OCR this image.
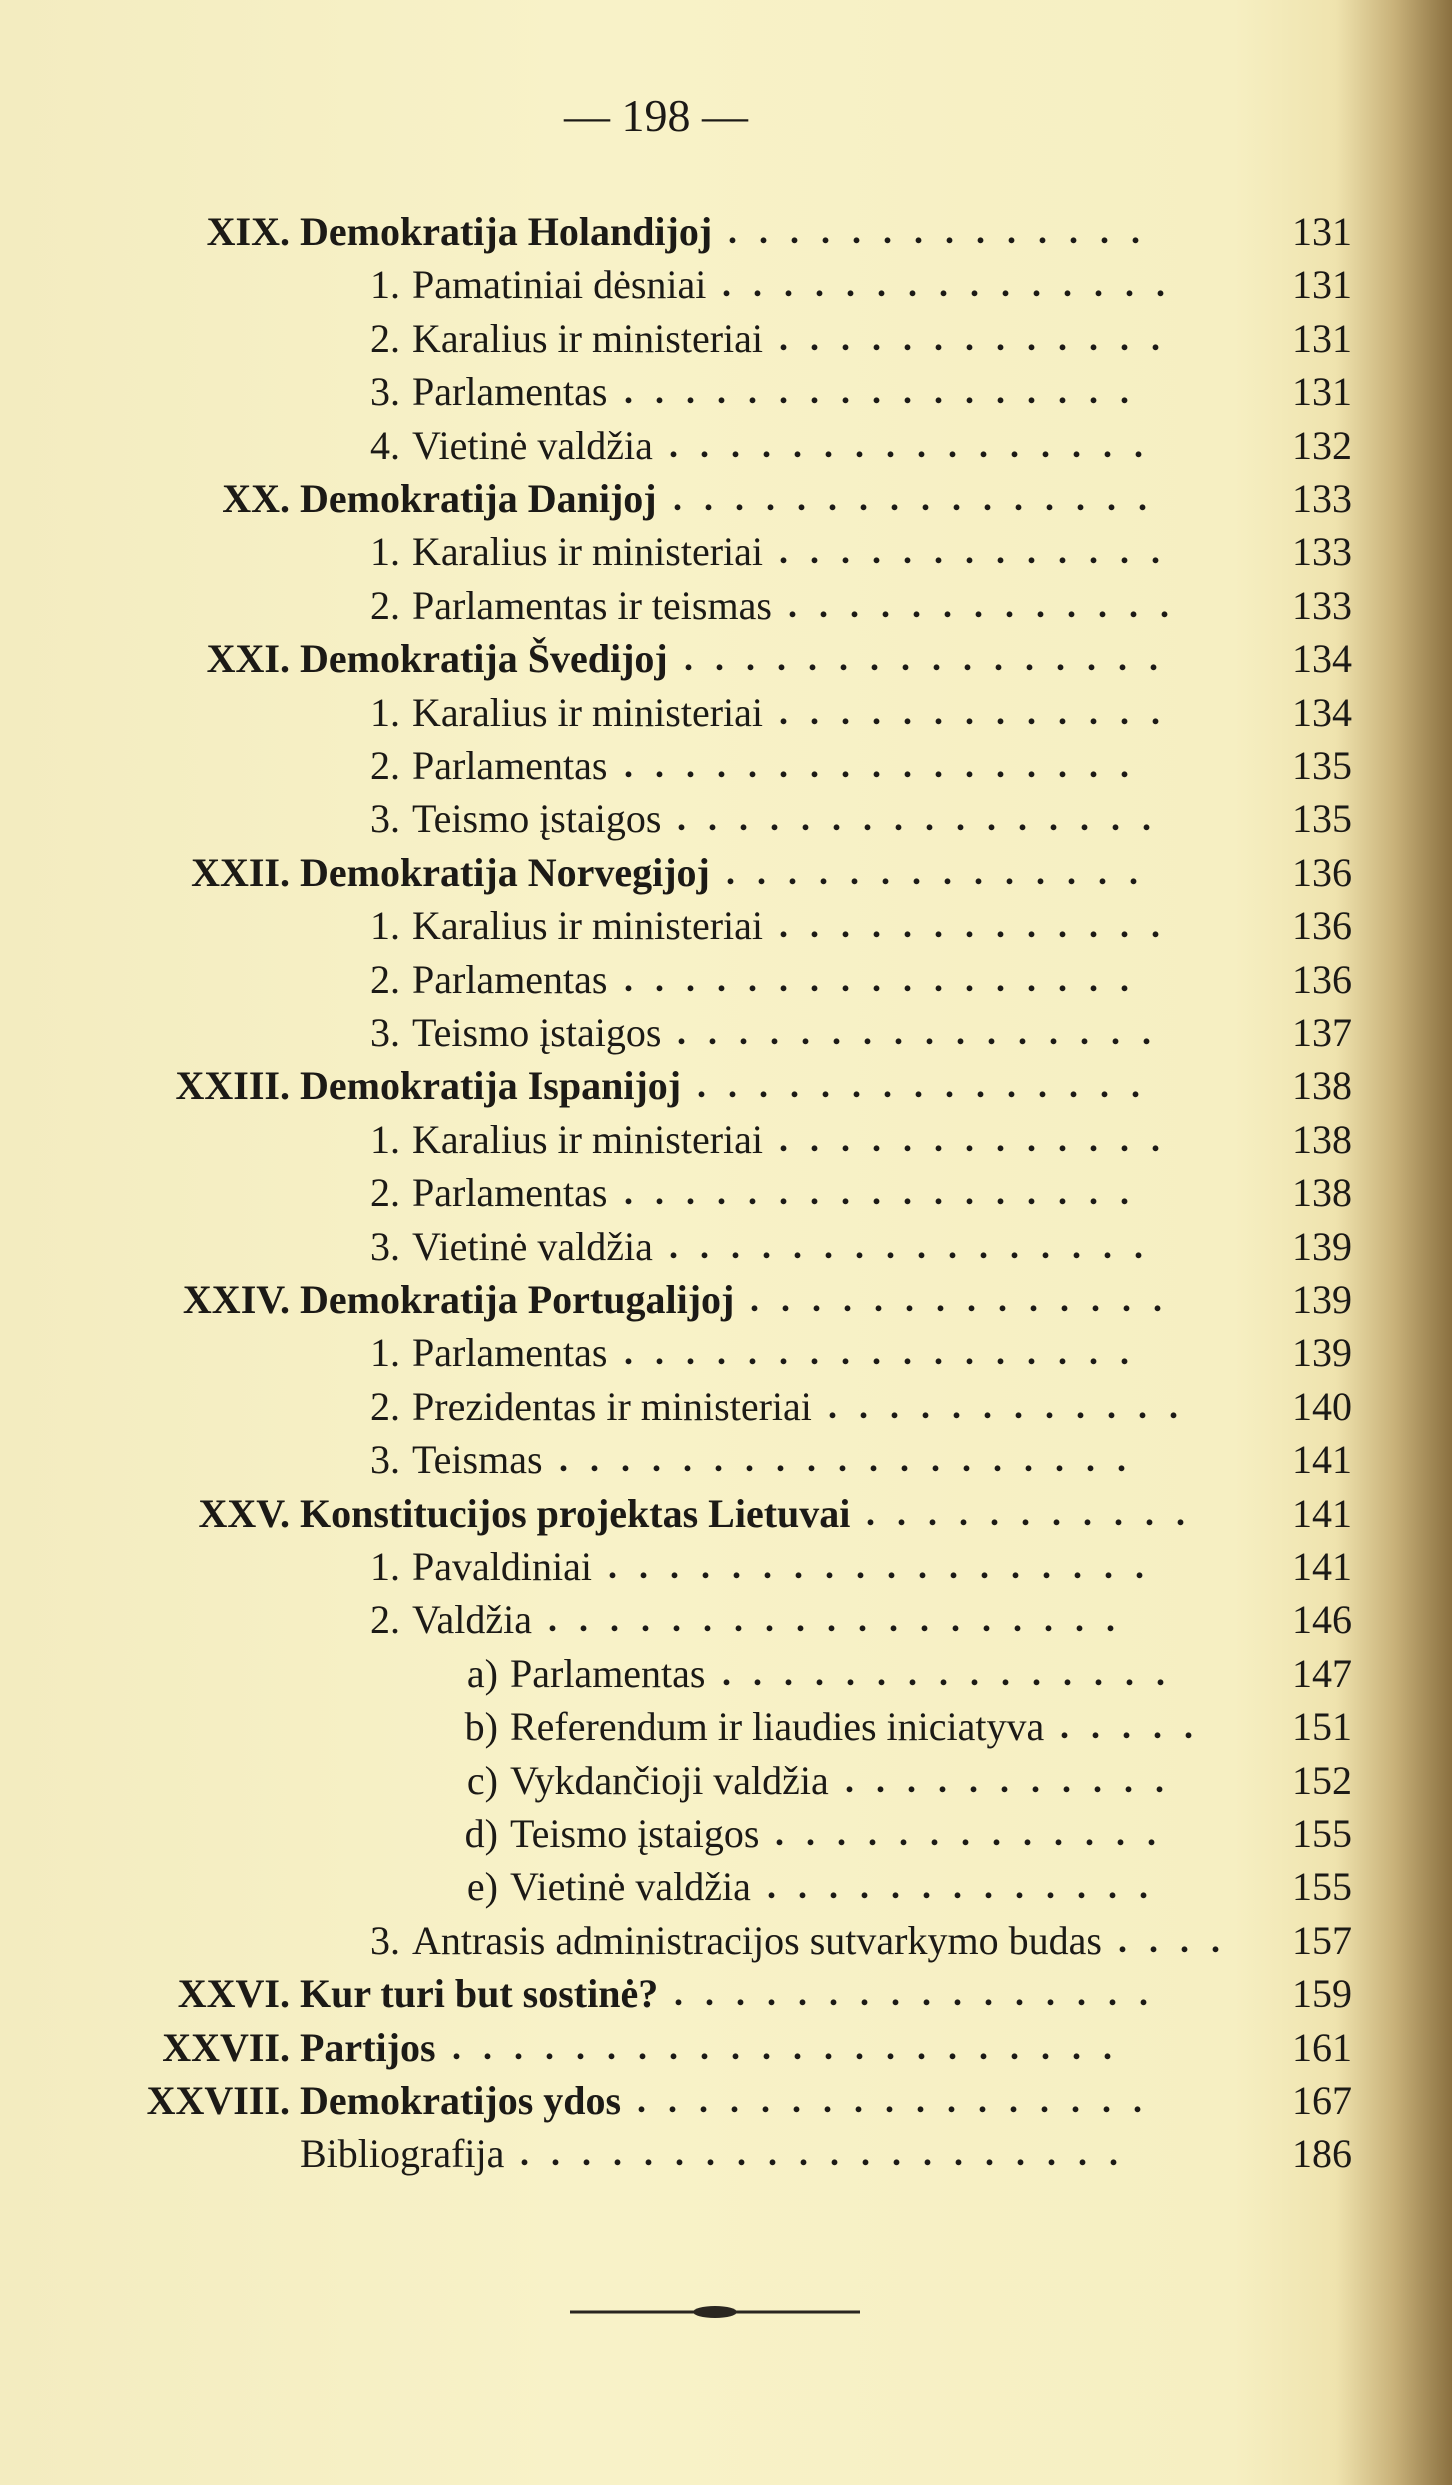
— 198 —
XIX. Demokratija Holandijoj ..............	131
1. Pamatiniai dėsniai ...............	131
2. Karalius ir ministeriai .............	131
3. Parlamentas .................	131
4. Vietinė valdžia ................	132
XX. Demokratija Danijoj ................	133
1. Karalius ir ministeriai .............	133
2. Parlamentas ir teismas .............	133
XXI. Demokratija Švedijoj ................	134
1. Karalius ir ministeriai .............	134
2. Parlamentas .................	135
3. Teismo įstaigos ................	135
XXII. Demokratija Norvegijoj ..............	136
1. Karalius ir ministeriai .............	136
2. Parlamentas .................	136
3. Teismo įstaigos ................	137
XXIII. Demokratija Ispanijoj ...............	138
1. Karalius ir ministeriai .............	138
2. Parlamentas .................	138
3. Vietinė valdžia ................	139
XXIV. Demokratija Portugalijoj ..............	139
1. Parlamentas .................	139
2. Prezidentas ir ministeriai ............	140
3. Teismas ...................	141
XXV. Konstitucijos projektas Lietuvai ...........	141
1. Pavaldiniai ..................	141
2. Valdžia ...................	146
a) Parlamentas ...............	147
b) Referendum ir liaudies iniciatyva .....	151
c) Vykdančioji valdžia ...........	152
d) Teismo įstaigos .............	155
e) Vietinė valdžia .............	155
3. Antrasis administracijos sutvarkymo budas ....	157
XXVI. Kur turi but sostinė? ................	159
XXVII. Partijos ......................	161
XXVIII. Demokratijos ydos .................	167
Bibliografija ....................	186
